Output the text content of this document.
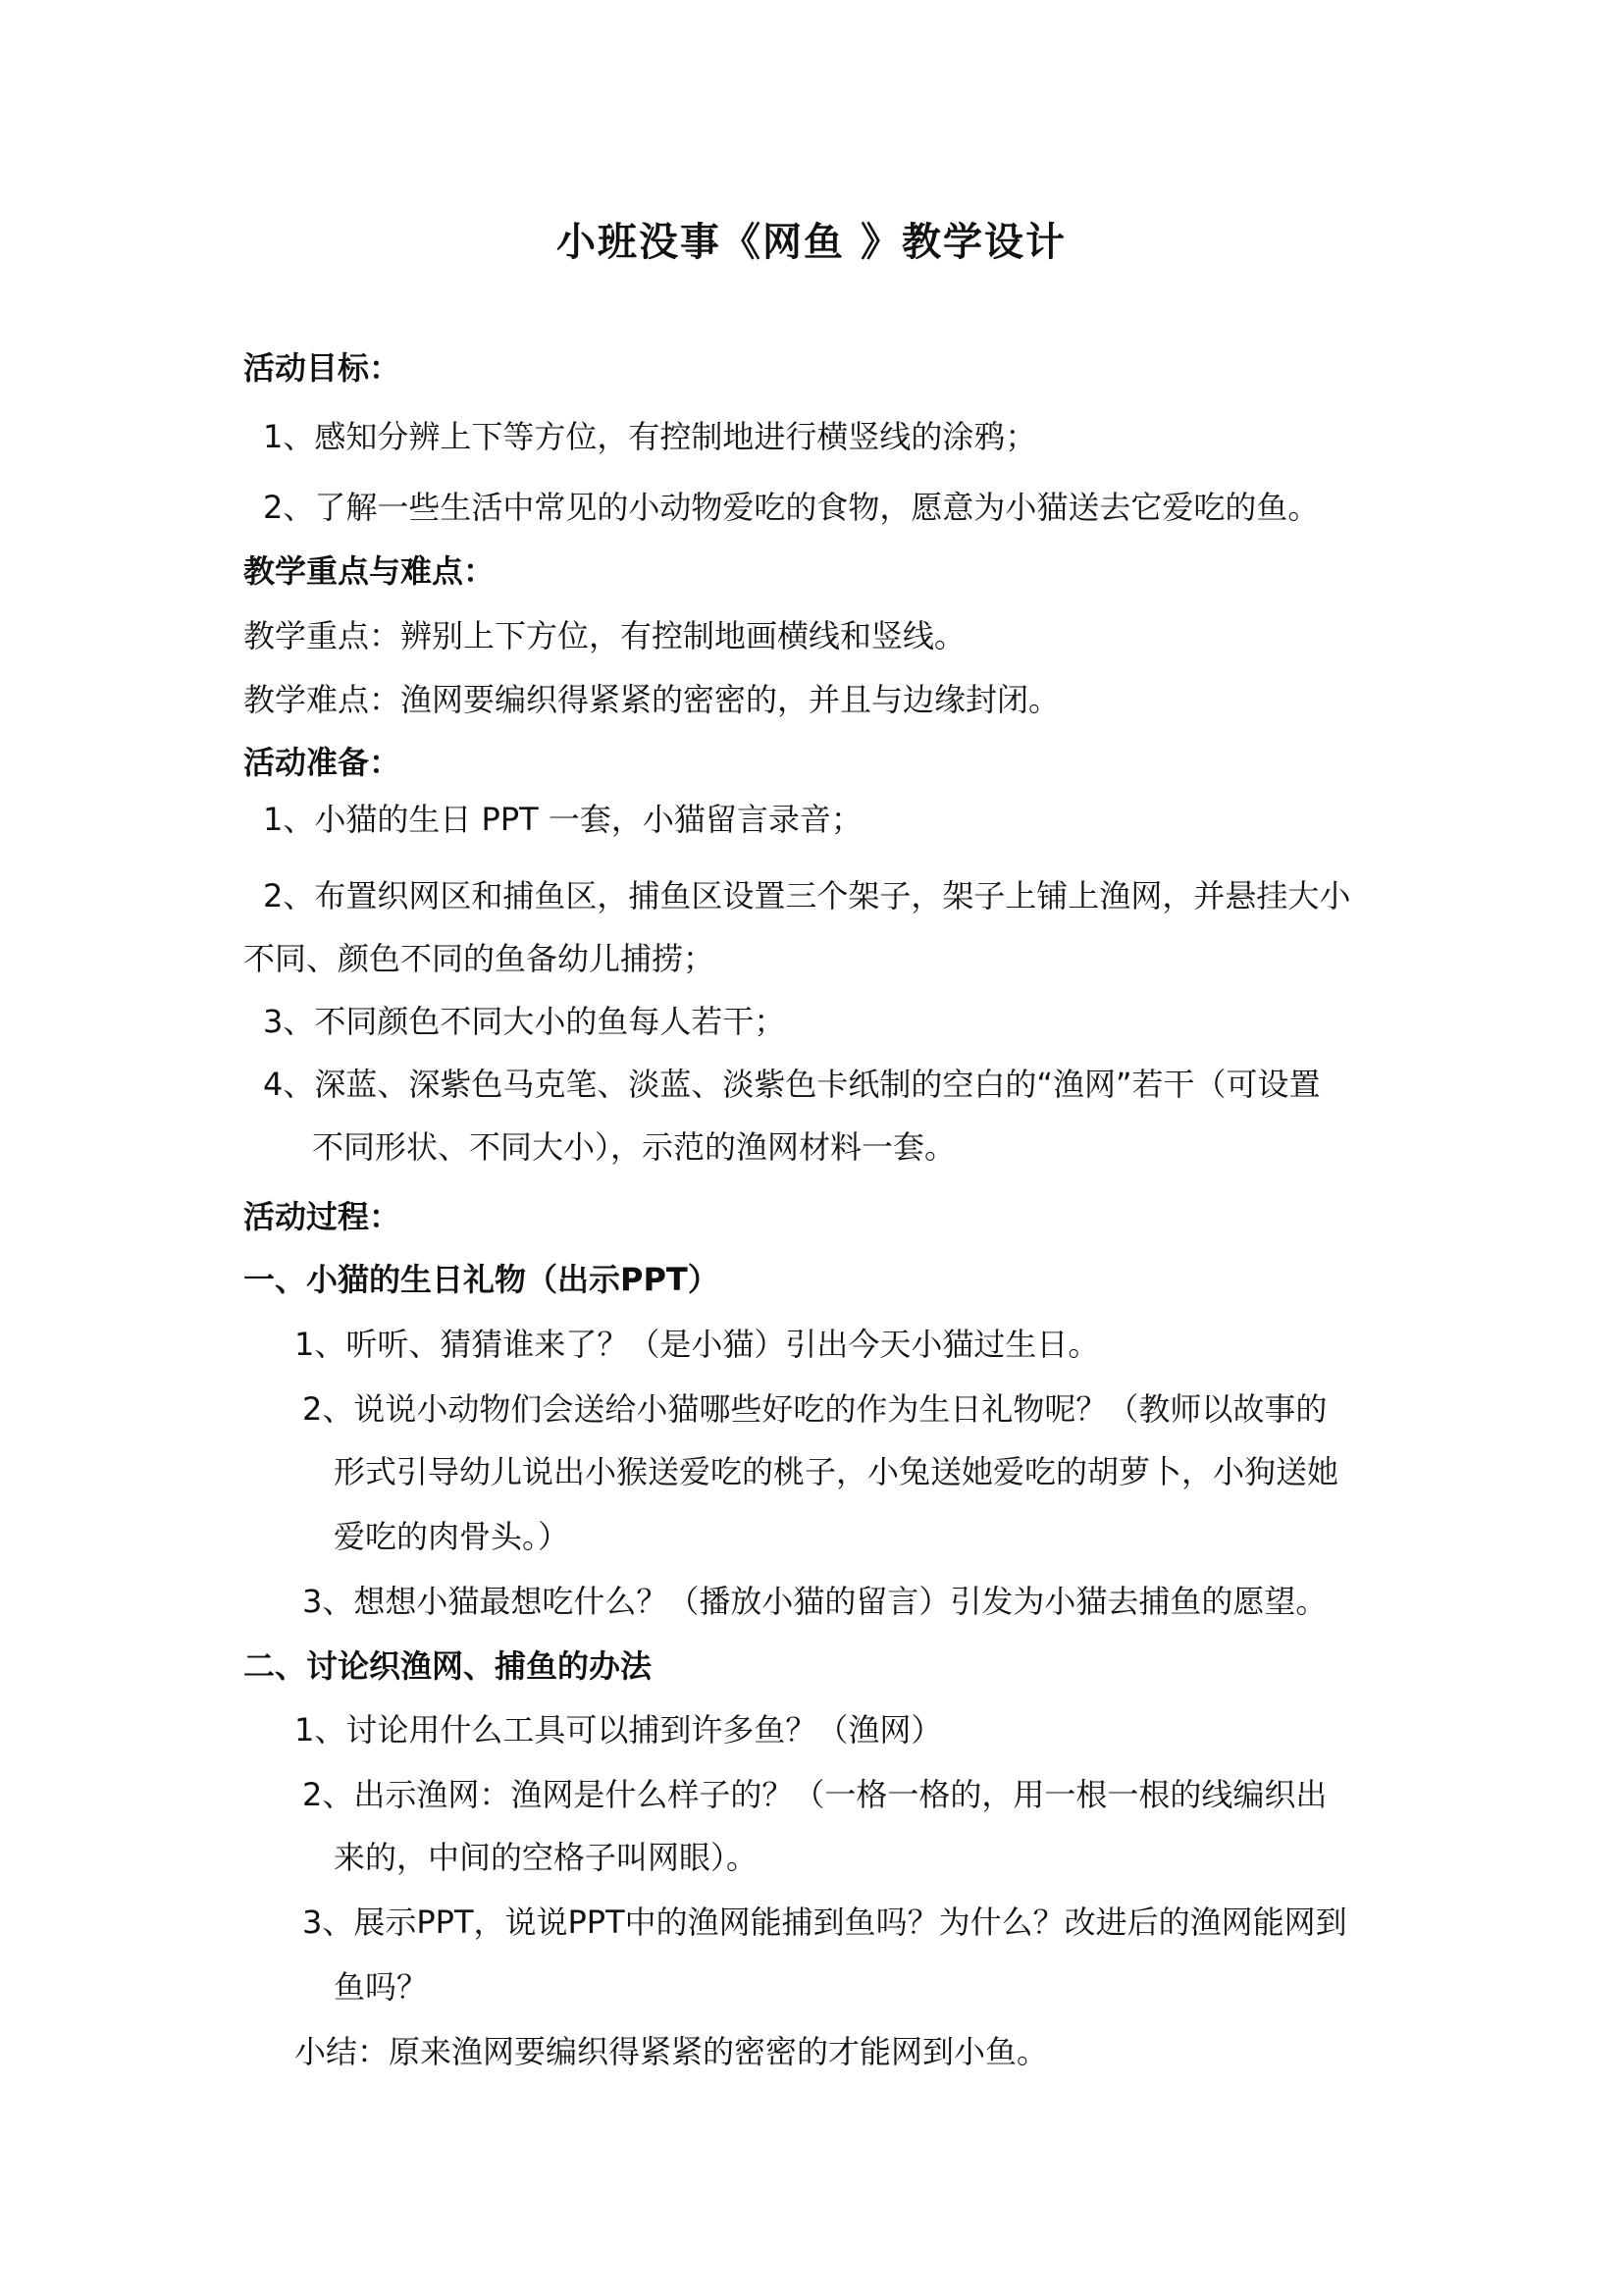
小班没事《网鱼 》教学设计
活动目标：
1、感知分辨上下等方位，有控制地进行横竖线的涂鸦；
2、了解一些生活中常见的小动物爱吃的食物，愿意为小猫送去它爱吃的鱼。
教学重点与难点：
教学重点：辨别上下方位，有控制地画横线和竖线。
教学难点：渔网要编织得紧紧的密密的，并且与边缘封闭。
活动准备：
1、小猫的生日 PPT 一套，小猫留言录音；
2、布置织网区和捕鱼区，捕鱼区设置三个架子，架子上铺上渔网，并悬挂大小
不同、颜色不同的鱼备幼儿捕捞；
3、不同颜色不同大小的鱼每人若干；
4、深蓝、深紫色马克笔、淡蓝、淡紫色卡纸制的空白的“渔网”若干（可设置
不同形状、不同大小），示范的渔网材料一套。
活动过程：
一、小猫的生日礼物（出示PPT）
1、听听、猜猜谁来了？（是小猫）引出今天小猫过生日。
2、说说小动物们会送给小猫哪些好吃的作为生日礼物呢？（教师以故事的
形式引导幼儿说出小猴送爱吃的桃子，小兔送她爱吃的胡萝卜，小狗送她
爱吃的肉骨头。）
3、想想小猫最想吃什么？（播放小猫的留言）引发为小猫去捕鱼的愿望。
二、讨论织渔网、捕鱼的办法
1、讨论用什么工具可以捕到许多鱼？（渔网）
2、出示渔网：渔网是什么样子的？（一格一格的，用一根一根的线编织出
来的，中间的空格子叫网眼）。
3、展示PPT，说说PPT中的渔网能捕到鱼吗？为什么？改进后的渔网能网到
鱼吗？
小结：原来渔网要编织得紧紧的密密的才能网到小鱼。
